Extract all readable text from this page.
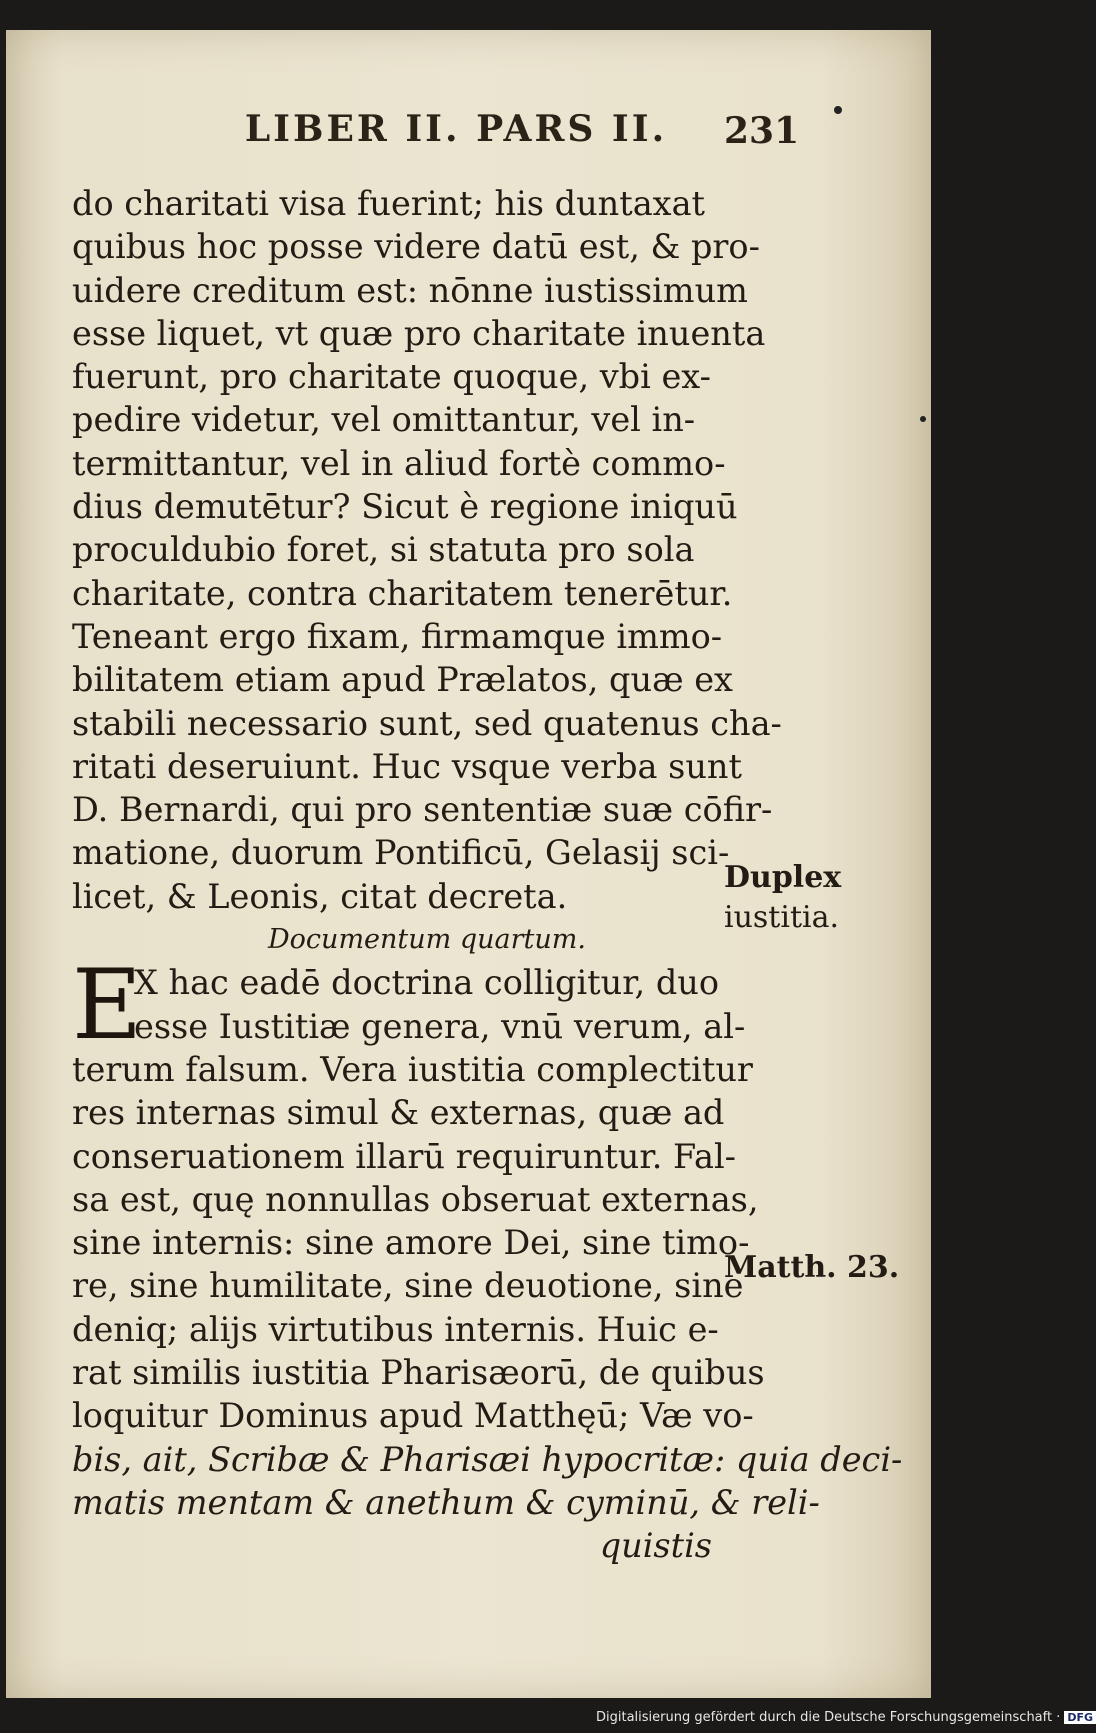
LIBER II. PARS II.	231
do charitati visa fuerint; his duntaxat
quibus hoc posse videre datū est, & pro-
uidere creditum est: nōnne iustissimum
esse liquet, vt quæ pro charitate inuenta
fuerunt, pro charitate quoque, vbi ex-
pedire videtur, vel omittantur, vel in-
termittantur, vel in aliud fortè commo-
dius demutētur? Sicut è regione iniquū
proculdubio foret, si statuta pro sola
charitate, contra charitatem tenerētur.
Teneant ergo fixam, firmamque immo-
bilitatem etiam apud Prælatos, quæ ex
stabili necessario sunt, sed quatenus cha-
ritati deseruiunt. Huc vsque verba sunt
D. Bernardi, qui pro sententiæ suæ cōfir-
matione, duorum Pontificū, Gelasij sci-
licet, & Leonis, citat decreta.
Documentum quartum.
E
X hac eadē doctrina colligitur, duo
esse Iustitiæ genera, vnū verum, al-
terum falsum. Vera iustitia complectitur
res internas simul & externas, quæ ad
conseruationem illarū requiruntur. Fal-
sa est, quę nonnullas obseruat externas,
sine internis: sine amore Dei, sine timo-
re, sine humilitate, sine deuotione, sine
deniq; alijs virtutibus internis. Huic e-
rat similis iustitia Pharisæorū, de quibus
loquitur Dominus apud Matthęū; Væ vo-
bis, ait, Scribæ & Pharisæi hypocritæ: quia deci-
matis mentam & anethum & cyminū, & reli-
quistis
Duplex
iustitia.
Matth. 23.
Digitalisierung gefördert durch die Deutsche Forschungsgemeinschaft · DFG
